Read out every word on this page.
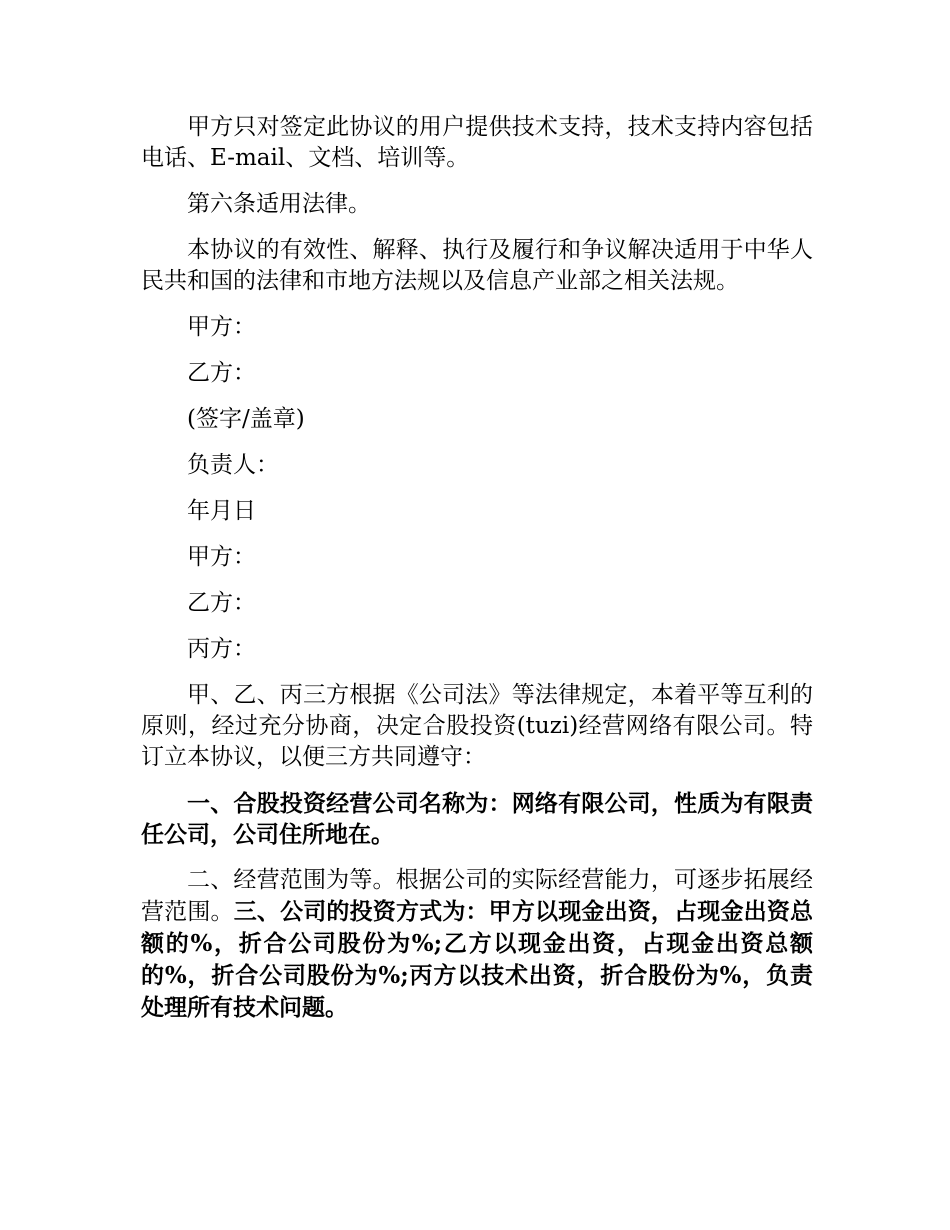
甲方只对签定此协议的用户提供技术支持，技术支持内容包括电话、E-mail、文档、培训等。

第六条适用法律。

本协议的有效性、解释、执行及履行和争议解决适用于中华人民共和国的法律和市地方法规以及信息产业部之相关法规。

甲方：

乙方：

(签字/盖章)

负责人：

年月日

甲方：

乙方：

丙方：

甲、乙、丙三方根据《公司法》等法律规定，本着平等互利的原则，经过充分协商，决定合股投资(tuzi)经营网络有限公司。特订立本协议，以便三方共同遵守：

一、合股投资经营公司名称为：网络有限公司，性质为有限责任公司，公司住所地在。

二、经营范围为等。根据公司的实际经营能力，可逐步拓展经营范围。三、公司的投资方式为：甲方以现金出资，占现金出资总额的%，折合公司股份为%;乙方以现金出资，占现金出资总额的%，折合公司股份为%;丙方以技术出资，折合股份为%，负责处理所有技术问题。
